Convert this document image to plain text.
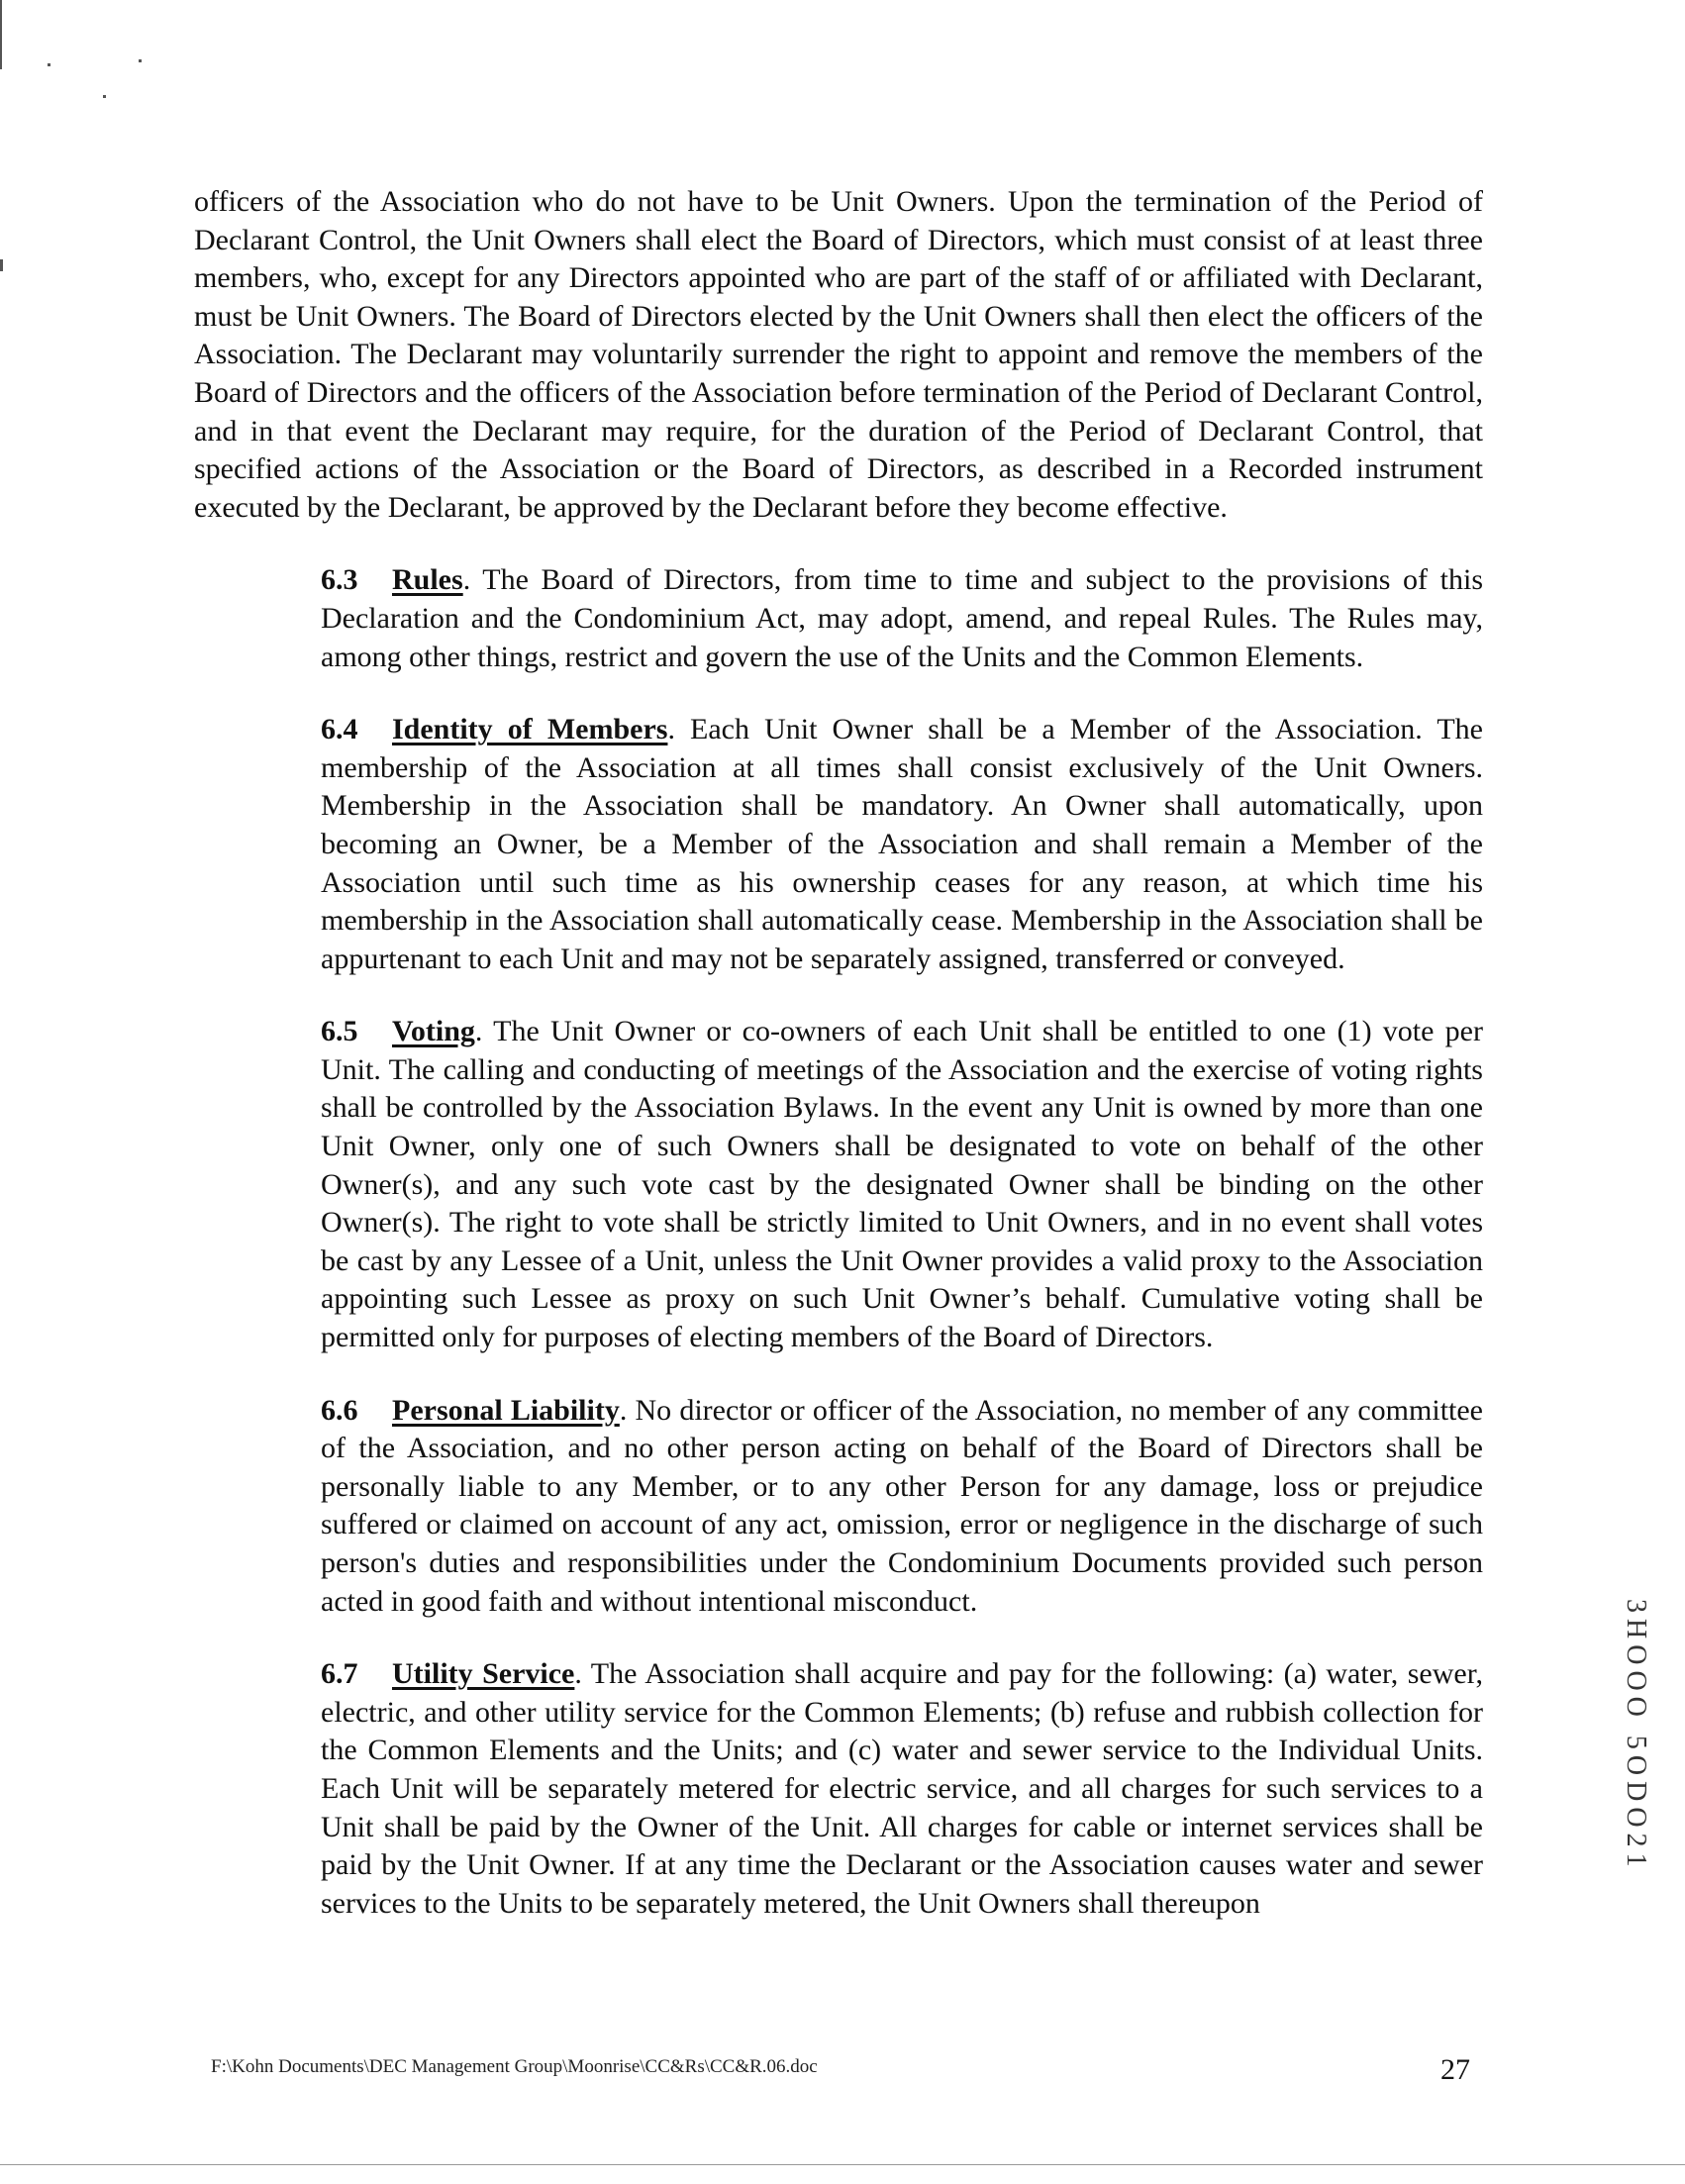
officers of the Association who do not have to be Unit Owners. Upon the termination of the Period of Declarant Control, the Unit Owners shall elect the Board of Directors, which must consist of at least three members, who, except for any Directors appointed who are part of the staff of or affiliated with Declarant, must be Unit Owners. The Board of Directors elected by the Unit Owners shall then elect the officers of the Association. The Declarant may voluntarily surrender the right to appoint and remove the members of the Board of Directors and the officers of the Association before termination of the Period of Declarant Control, and in that event the Declarant may require, for the duration of the Period of Declarant Control, that specified actions of the Association or the Board of Directors, as described in a Recorded instrument executed by the Declarant, be approved by the Declarant before they become effective.

6.3 Rules. The Board of Directors, from time to time and subject to the provisions of this Declaration and the Condominium Act, may adopt, amend, and repeal Rules. The Rules may, among other things, restrict and govern the use of the Units and the Common Elements.

6.4 Identity of Members. Each Unit Owner shall be a Member of the Association. The membership of the Association at all times shall consist exclusively of the Unit Owners. Membership in the Association shall be mandatory. An Owner shall automatically, upon becoming an Owner, be a Member of the Association and shall remain a Member of the Association until such time as his ownership ceases for any reason, at which time his membership in the Association shall automatically cease. Membership in the Association shall be appurtenant to each Unit and may not be separately assigned, transferred or conveyed.

6.5 Voting. The Unit Owner or co-owners of each Unit shall be entitled to one (1) vote per Unit. The calling and conducting of meetings of the Association and the exercise of voting rights shall be controlled by the Association Bylaws. In the event any Unit is owned by more than one Unit Owner, only one of such Owners shall be designated to vote on behalf of the other Owner(s), and any such vote cast by the designated Owner shall be binding on the other Owner(s). The right to vote shall be strictly limited to Unit Owners, and in no event shall votes be cast by any Lessee of a Unit, unless the Unit Owner provides a valid proxy to the Association appointing such Lessee as proxy on such Unit Owner’s behalf. Cumulative voting shall be permitted only for purposes of electing members of the Board of Directors.

6.6 Personal Liability. No director or officer of the Association, no member of any committee of the Association, and no other person acting on behalf of the Board of Directors shall be personally liable to any Member, or to any other Person for any damage, loss or prejudice suffered or claimed on account of any act, omission, error or negligence in the discharge of such person's duties and responsibilities under the Condominium Documents provided such person acted in good faith and without intentional misconduct.

6.7 Utility Service. The Association shall acquire and pay for the following: (a) water, sewer, electric, and other utility service for the Common Elements; (b) refuse and rubbish collection for the Common Elements and the Units; and (c) water and sewer service to the Individual Units. Each Unit will be separately metered for electric service, and all charges for such services to a Unit shall be paid by the Owner of the Unit. All charges for cable or internet services shall be paid by the Unit Owner. If at any time the Declarant or the Association causes water and sewer services to the Units to be separately metered, the Unit Owners shall thereupon

3HOOO 5ODO21
F:\Kohn Documents\DEC Management Group\Moonrise\CC&Rs\CC&R.06.doc	27
